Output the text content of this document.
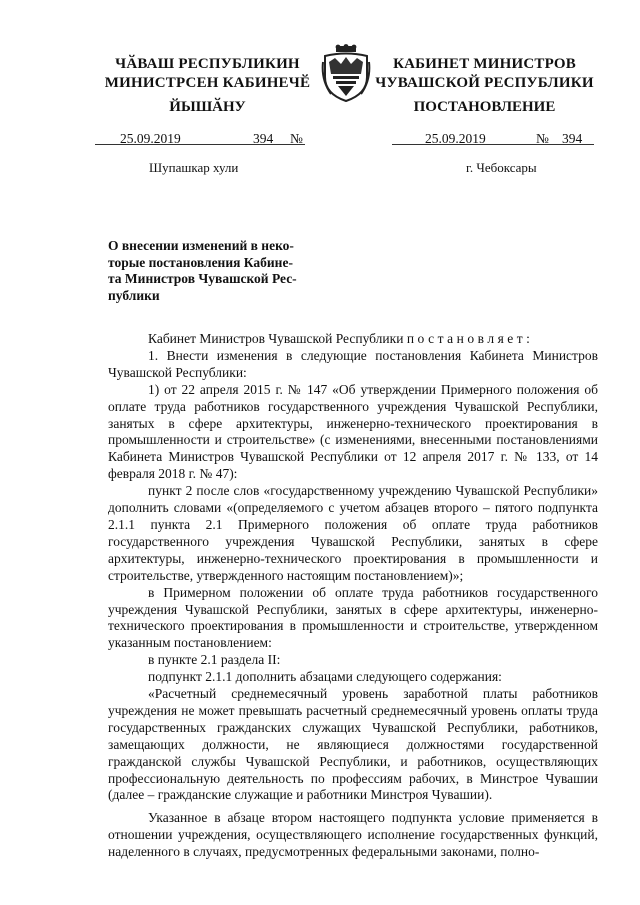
ЧӐВАШ РЕСПУБЛИКИН
МИНИСТРСЕН КАБИНЕЧӖ
ЙЫШӐНУ
КАБИНЕТ МИНИСТРОВ
ЧУВАШСКОЙ РЕСПУБЛИКИ
ПОСТАНОВЛЕНИЕ
25.09.2019	394 №	25.09.2019	№ 394
Шупашкар хули	г. Чебоксары
О внесении изменений в неко-
торые постановления Кабине-
та Министров Чувашской Рес-
публики

Кабинет Министров Чувашской Республики постановляет:

1. Внести изменения в следующие постановления Кабинета Министров Чувашской Республики:

1) от 22 апреля 2015 г. № 147 «Об утверждении Примерного положения об оплате труда работников государственного учреждения Чувашской Республики, занятых в сфере архитектуры, инженерно-технического проектирования в промышленности и строительстве» (с изменениями, внесенными постановлениями Кабинета Министров Чувашской Республики от 12 апреля 2017 г. № 133, от 14 февраля 2018 г. № 47):

пункт 2 после слов «государственному учреждению Чувашской Республики» дополнить словами «(определяемого с учетом абзацев второго – пятого подпункта 2.1.1 пункта 2.1 Примерного положения об оплате труда работников государственного учреждения Чувашской Республики, занятых в сфере архитектуры, инженерно-технического проектирования в промышленности и строительстве, утвержденного настоящим постановлением)»;

в Примерном положении об оплате труда работников государственного учреждения Чувашской Республики, занятых в сфере архитектуры, инженерно-технического проектирования в промышленности и строительстве, утвержденном указанным постановлением:

в пункте 2.1 раздела II:

подпункт 2.1.1 дополнить абзацами следующего содержания:

«Расчетный среднемесячный уровень заработной платы работников учреждения не может превышать расчетный среднемесячный уровень оплаты труда государственных гражданских служащих Чувашской Республики, работников, замещающих должности, не являющиеся должностями государственной гражданской службы Чувашской Республики, и работников, осуществляющих профессиональную деятельность по профессиям рабочих, в Минстрое Чувашии (далее – гражданские служащие и работники Минстроя Чувашии).

Указанное в абзаце втором настоящего подпункта условие применяется в отношении учреждения, осуществляющего исполнение государственных функций, наделенного в случаях, предусмотренных федеральными законами, полно-
